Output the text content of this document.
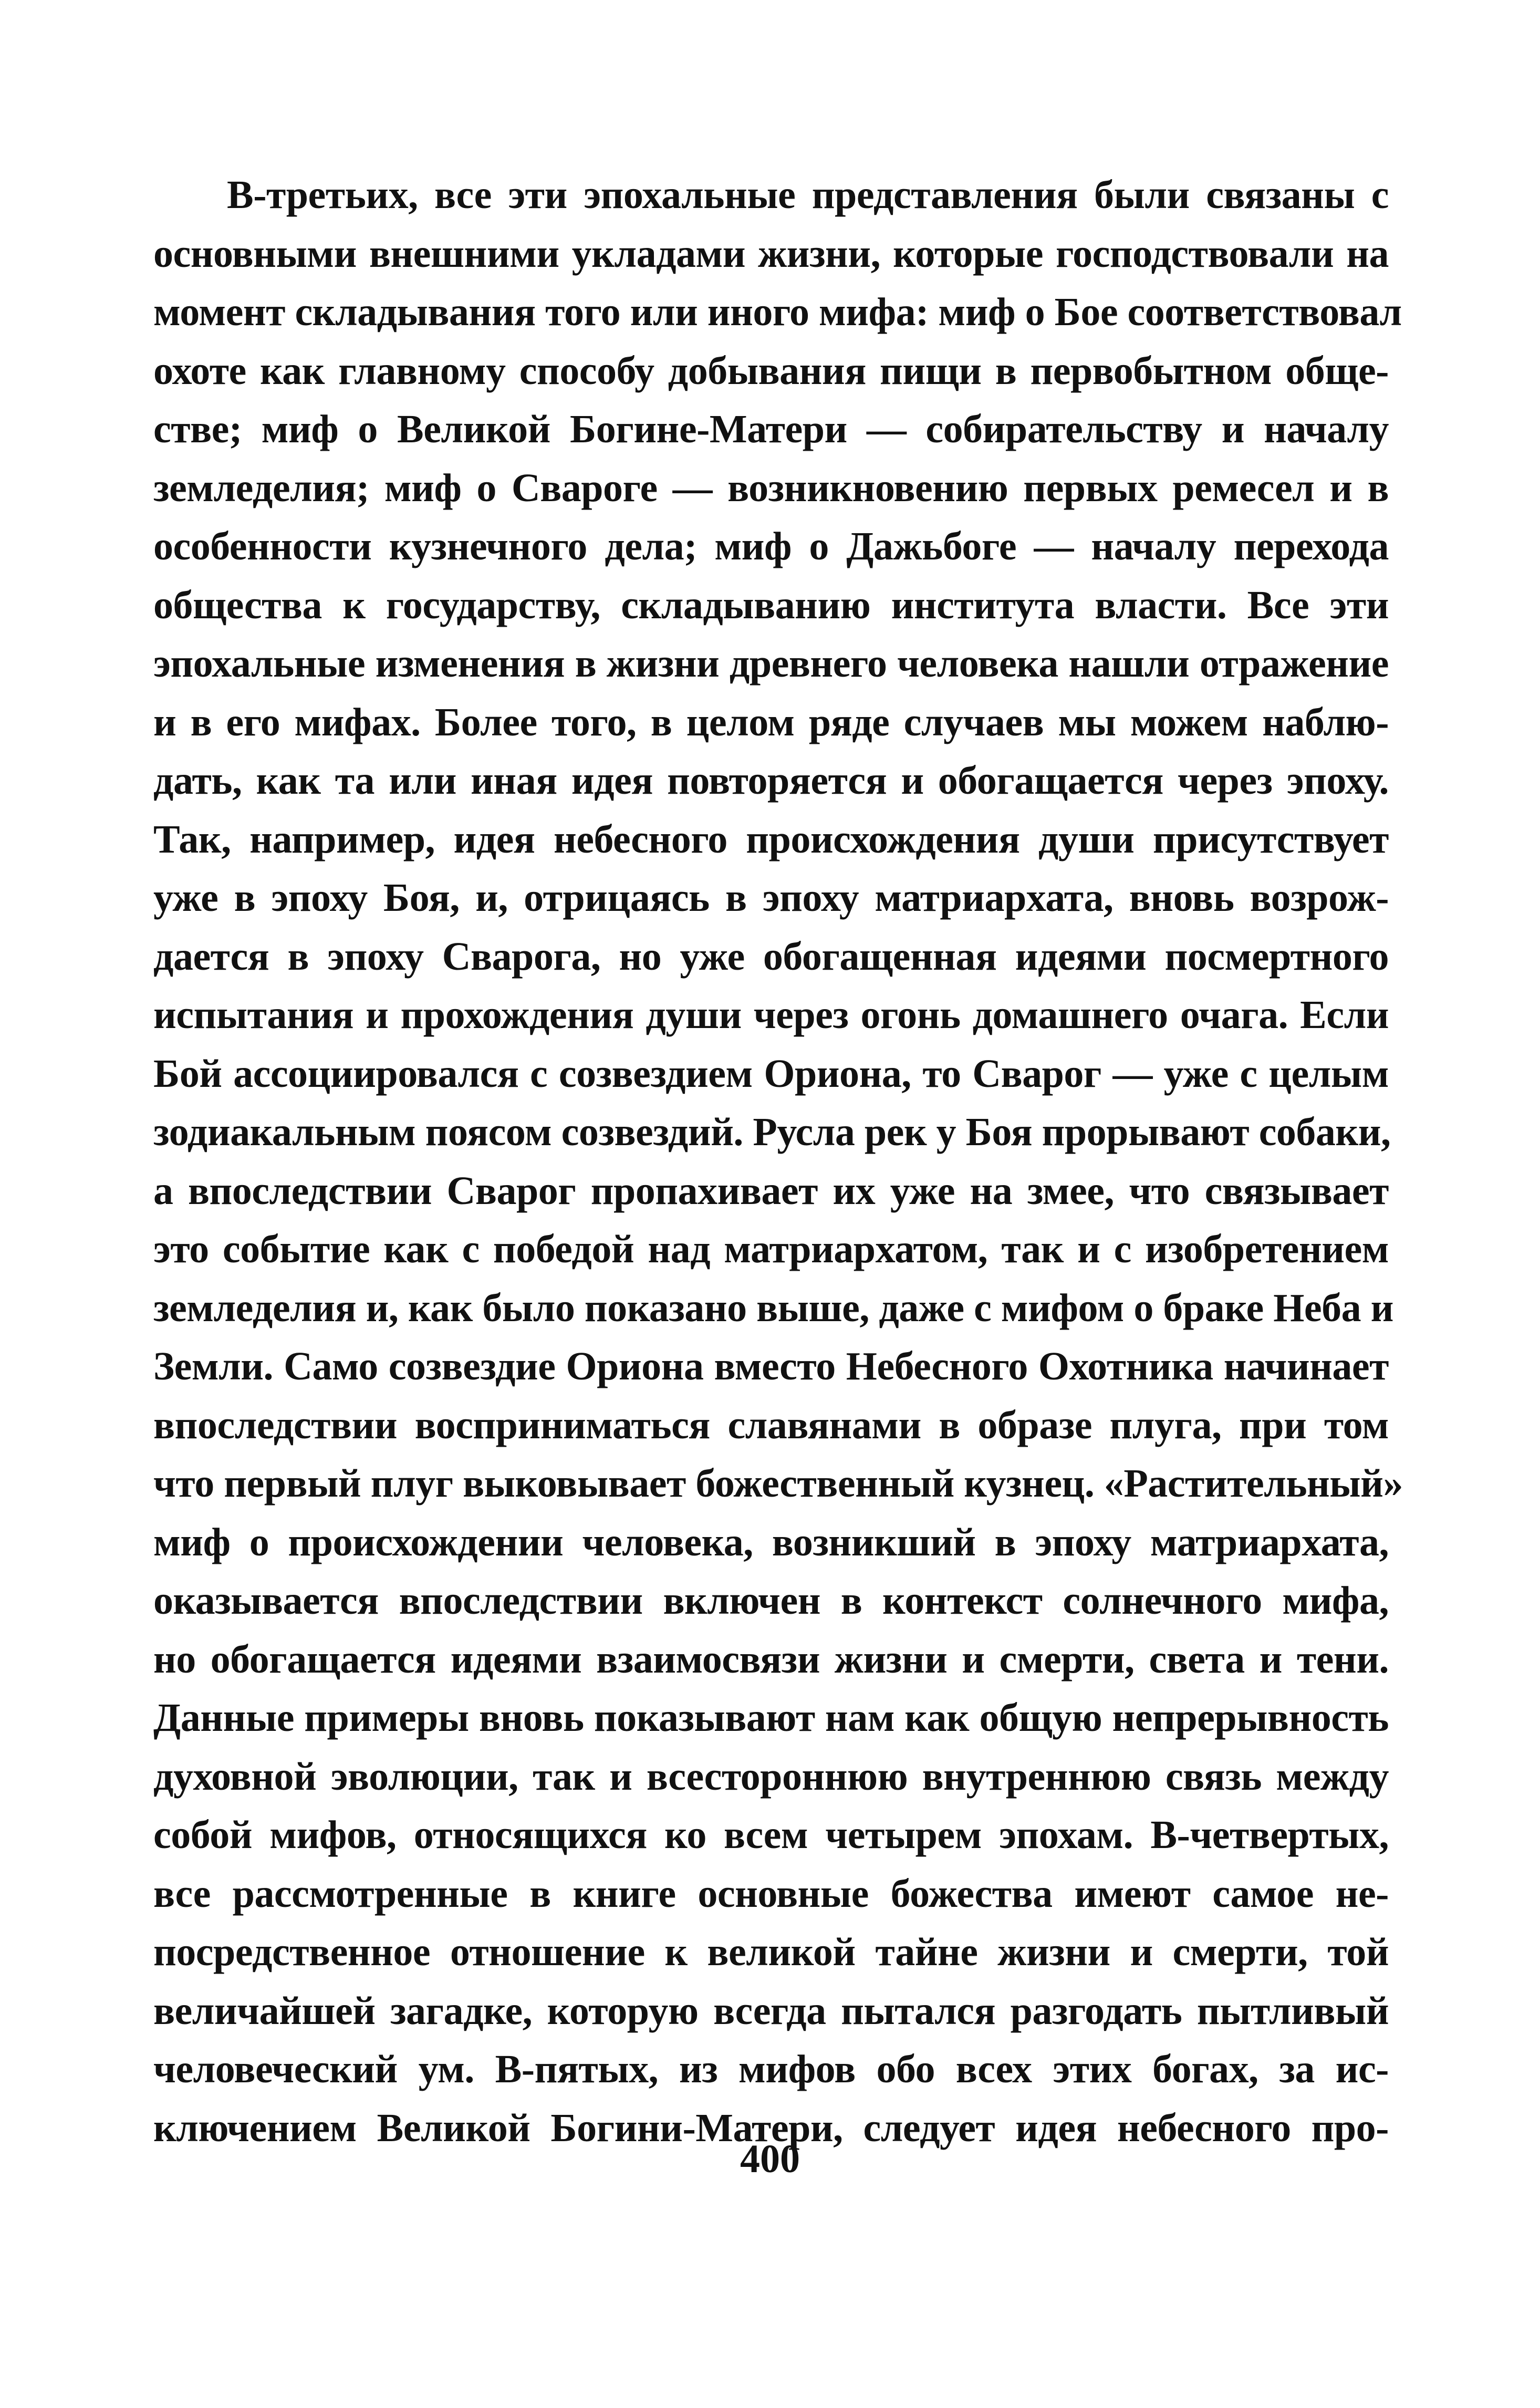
В-третьих, все эти эпохальные представления были связаны с
основными внешними укладами жизни, которые господствовали на
момент складывания того или иного мифа: миф о Бое соответствовал
охоте как главному способу добывания пищи в первобытном обще-
стве; миф о Великой Богине-Матери — собирательству и началу
земледелия; миф о Свароге — возникновению первых ремесел и в
особенности кузнечного дела; миф о Дажьбоге — началу перехода
общества к государству, складыванию института власти. Все эти
эпохальные изменения в жизни древнего человека нашли отражение
и в его мифах. Более того, в целом ряде случаев мы можем наблю-
дать, как та или иная идея повторяется и обогащается через эпоху.
Так, например, идея небесного происхождения души присутствует
уже в эпоху Боя, и, отрицаясь в эпоху матриархата, вновь возрож-
дается в эпоху Сварога, но уже обогащенная идеями посмертного
испытания и прохождения души через огонь домашнего очага. Если
Бой ассоциировался с созвездием Ориона, то Сварог — уже с целым
зодиакальным поясом созвездий. Русла рек у Боя прорывают собаки,
а впоследствии Сварог пропахивает их уже на змее, что связывает
это событие как с победой над матриархатом, так и с изобретением
земледелия и, как было показано выше, даже с мифом о браке Неба и
Земли. Само созвездие Ориона вместо Небесного Охотника начинает
впоследствии восприниматься славянами в образе плуга, при том
что первый плуг выковывает божественный кузнец. «Растительный»
миф о происхождении человека, возникший в эпоху матриархата,
оказывается впоследствии включен в контекст солнечного мифа,
но обогащается идеями взаимосвязи жизни и смерти, света и тени.
Данные примеры вновь показывают нам как общую непрерывность
духовной эволюции, так и всестороннюю внутреннюю связь между
собой мифов, относящихся ко всем четырем эпохам. В-четвертых,
все рассмотренные в книге основные божества имеют самое не-
посредственное отношение к великой тайне жизни и смерти, той
величайшей загадке, которую всегда пытался разгодать пытливый
человеческий ум. В-пятых, из мифов обо всех этих богах, за ис-
ключением Великой Богини-Матери, следует идея небесного про-
400
